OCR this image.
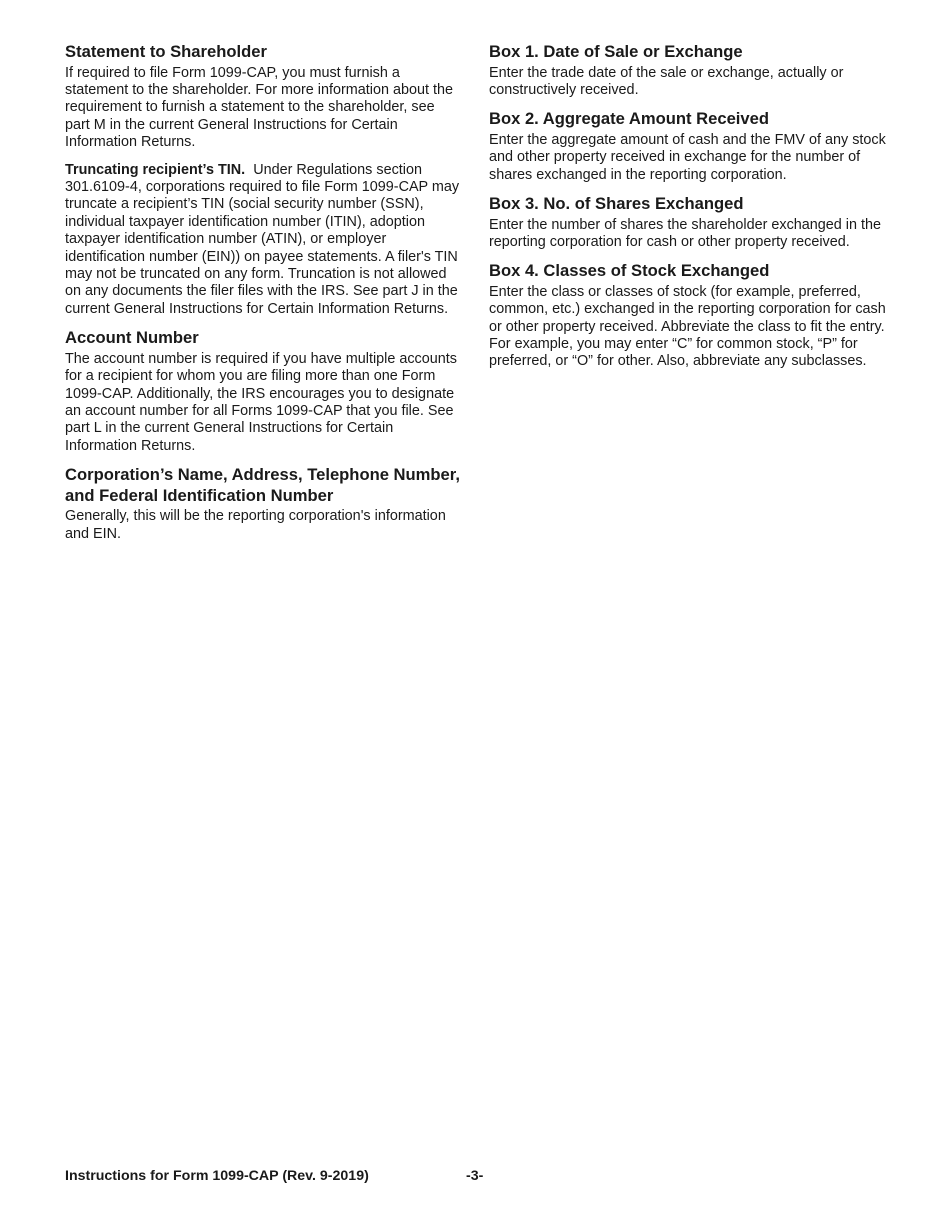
Statement to Shareholder

If required to file Form 1099-CAP, you must furnish a statement to the shareholder. For more information about the requirement to furnish a statement to the shareholder, see part M in the current General Instructions for Certain Information Returns.

Truncating recipient’s TIN. Under Regulations section 301.6109-4, corporations required to file Form 1099-CAP may truncate a recipient’s TIN (social security number (SSN), individual taxpayer identification number (ITIN), adoption taxpayer identification number (ATIN), or employer identification number (EIN)) on payee statements. A filer's TIN may not be truncated on any form. Truncation is not allowed on any documents the filer files with the IRS. See part J in the current General Instructions for Certain Information Returns.

Account Number

The account number is required if you have multiple accounts for a recipient for whom you are filing more than one Form 1099-CAP. Additionally, the IRS encourages you to designate an account number for all Forms 1099-CAP that you file. See part L in the current General Instructions for Certain Information Returns.

Corporation’s Name, Address, Telephone Number, and Federal Identification Number

Generally, this will be the reporting corporation's information and EIN.

Box 1. Date of Sale or Exchange

Enter the trade date of the sale or exchange, actually or constructively received.

Box 2. Aggregate Amount Received

Enter the aggregate amount of cash and the FMV of any stock and other property received in exchange for the number of shares exchanged in the reporting corporation.

Box 3. No. of Shares Exchanged

Enter the number of shares the shareholder exchanged in the reporting corporation for cash or other property received.

Box 4. Classes of Stock Exchanged

Enter the class or classes of stock (for example, preferred, common, etc.) exchanged in the reporting corporation for cash or other property received. Abbreviate the class to fit the entry. For example, you may enter “C” for common stock, “P” for preferred, or “O” for other. Also, abbreviate any subclasses.

Instructions for Form 1099-CAP (Rev. 9-2019)	-3-
